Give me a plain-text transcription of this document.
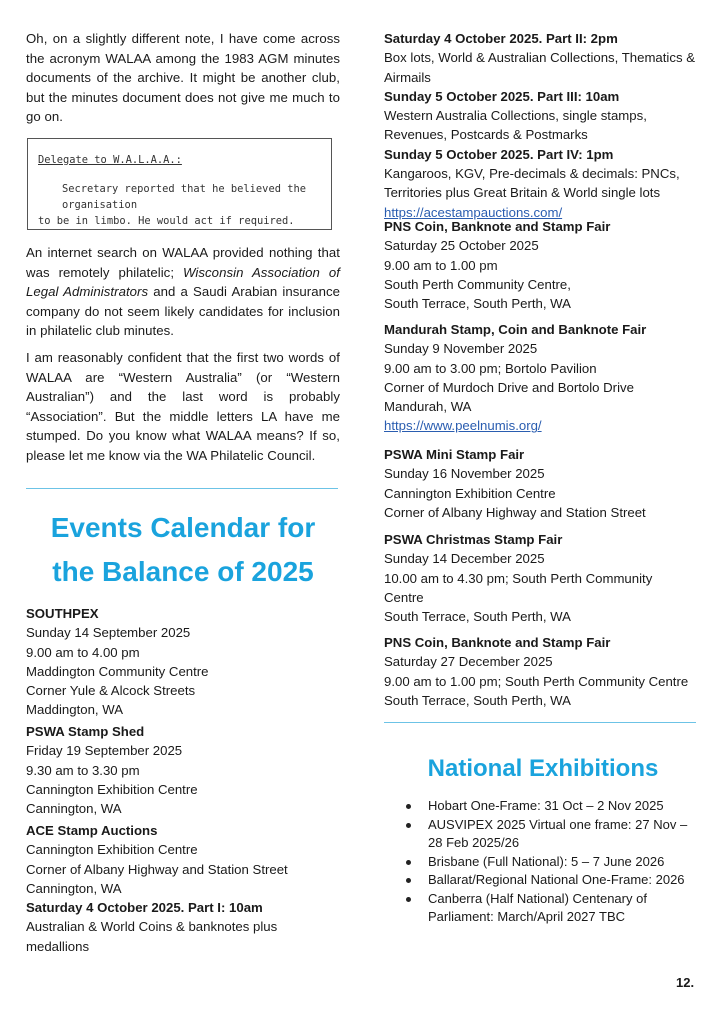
Oh, on a slightly different note, I have come across the acronym WALAA among the 1983 AGM minutes documents of the archive. It might be another club, but the minutes document does not give me much to go on.

Delegate to W.A.L.A.A.:
Secretary reported that he believed the organisation
to be in limbo. He would act if required.

An internet search on WALAA provided nothing that was remotely philatelic; Wisconsin Association of Legal Administrators and a Saudi Arabian insurance company do not seem likely candidates for inclusion in philatelic club minutes.

I am reasonably confident that the first two words of WALAA are “Western Australia” (or “Western Australian”) and the last word is probably “Association”. But the middle letters LA have me stumped. Do you know what WALAA means? If so, please let me know via the WA Philatelic Council.

Events Calendar for
the Balance of 2025
SOUTHPEX
Sunday 14 September 2025
9.00 am to 4.00 pm
Maddington Community Centre
Corner Yule & Alcock Streets
Maddington, WA
PSWA Stamp Shed
Friday 19 September 2025
9.30 am to 3.30 pm
Cannington Exhibition Centre
Cannington, WA
ACE Stamp Auctions
Cannington Exhibition Centre
Corner of Albany Highway and Station Street
Cannington, WA
Saturday 4 October 2025. Part I: 10am
Australian & World Coins & banknotes plus medallions
Saturday 4 October 2025. Part II: 2pm
Box lots, World & Australian Collections, Thematics & Airmails
Sunday 5 October 2025. Part III: 10am
Western Australia Collections, single stamps, Revenues, Postcards & Postmarks
Sunday 5 October 2025. Part IV: 1pm
Kangaroos, KGV, Pre-decimals & decimals: PNCs, Territories plus Great Britain & World single lots
https://acestampauctions.com/
PNS Coin, Banknote and Stamp Fair
Saturday 25 October 2025
9.00 am to 1.00 pm
South Perth Community Centre,
South Terrace, South Perth, WA
Mandurah Stamp, Coin and Banknote Fair
Sunday 9 November 2025
9.00 am to 3.00 pm; Bortolo Pavilion
Corner of Murdoch Drive and Bortolo Drive
Mandurah, WA
https://www.peelnumis.org/
PSWA Mini Stamp Fair
Sunday 16 November 2025
Cannington Exhibition Centre
Corner of Albany Highway and Station Street
PSWA Christmas Stamp Fair
Sunday 14 December 2025
10.00 am to 4.30 pm; South Perth Community Centre
South Terrace, South Perth, WA
PNS Coin, Banknote and Stamp Fair
Saturday 27 December 2025
9.00 am to 1.00 pm; South Perth Community Centre
South Terrace, South Perth, WA
National Exhibitions
Hobart One-Frame: 31 Oct – 2 Nov 2025
AUSVIPEX 2025 Virtual one frame: 27 Nov – 28 Feb 2025/26
Brisbane (Full National): 5 – 7 June 2026
Ballarat/Regional National One-Frame: 2026
Canberra (Half National) Centenary of Parliament: March/April 2027 TBC
12.
